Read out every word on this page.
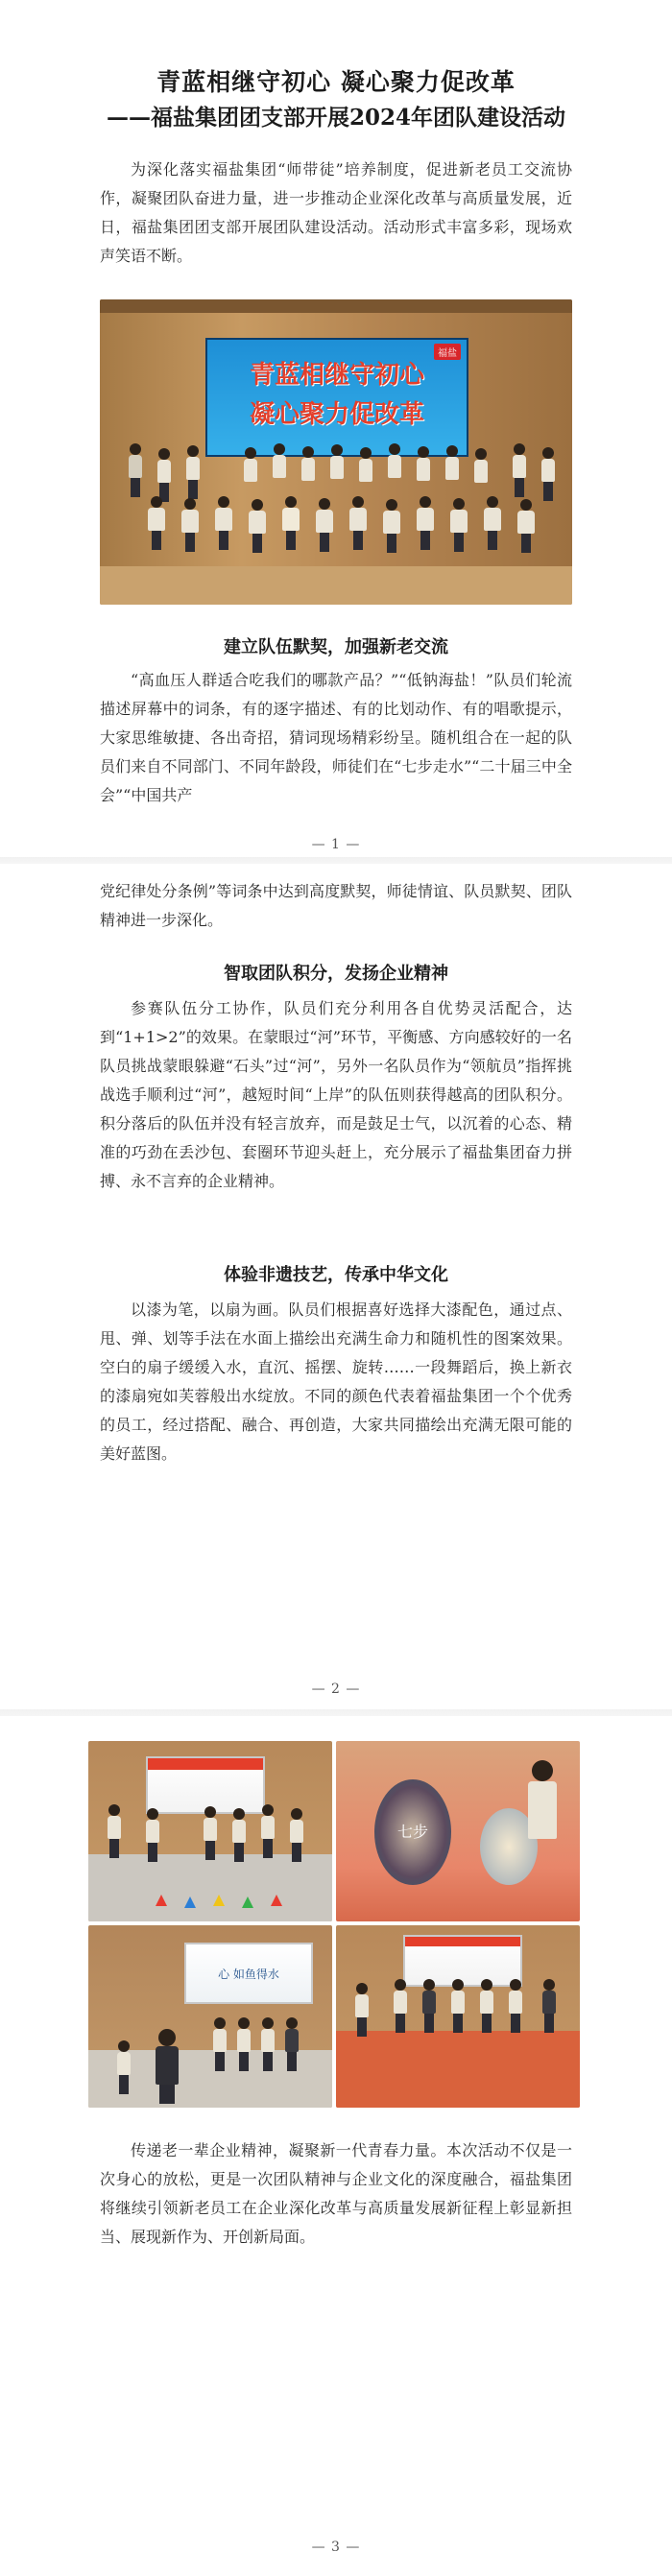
青蓝相继守初心 凝心聚力促改革
——福盐集团团支部开展2024年团队建设活动

为深化落实福盐集团“师带徒”培养制度，促进新老员工交流协作，凝聚团队奋进力量，进一步推动企业深化改革与高质量发展，近日，福盐集团团支部开展团队建设活动。活动形式丰富多彩，现场欢声笑语不断。

青蓝相继守初心
凝心聚力促改革
福盐
建立队伍默契，加强新老交流

“高血压人群适合吃我们的哪款产品？”“低钠海盐！”队员们轮流描述屏幕中的词条，有的逐字描述、有的比划动作、有的唱歌提示，大家思维敏捷、各出奇招，猜词现场精彩纷呈。随机组合在一起的队员们来自不同部门、不同年龄段，师徒们在“七步走水”“二十届三中全会”“中国共产

— 1 —

党纪律处分条例”等词条中达到高度默契，师徒情谊、队员默契、团队精神进一步深化。

智取团队积分，发扬企业精神

参赛队伍分工协作，队员们充分利用各自优势灵活配合，达到“1+1>2”的效果。在蒙眼过“河”环节，平衡感、方向感较好的一名队员挑战蒙眼躲避“石头”过“河”，另外一名队员作为“领航员”指挥挑战选手顺利过“河”，越短时间“上岸”的队伍则获得越高的团队积分。积分落后的队伍并没有轻言放弃，而是鼓足士气，以沉着的心态、精准的巧劲在丢沙包、套圈环节迎头赶上，充分展示了福盐集团奋力拼搏、永不言弃的企业精神。

体验非遗技艺，传承中华文化

以漆为笔，以扇为画。队员们根据喜好选择大漆配色，通过点、甩、弹、划等手法在水面上描绘出充满生命力和随机性的图案效果。空白的扇子缓缓入水，直沉、摇摆、旋转……一段舞蹈后，换上新衣的漆扇宛如芙蓉般出水绽放。不同的颜色代表着福盐集团一个个优秀的员工，经过搭配、融合、再创造，大家共同描绘出充满无限可能的美好蓝图。

— 2 —
七步
心 如鱼得水

传递老一辈企业精神，凝聚新一代青春力量。本次活动不仅是一次身心的放松，更是一次团队精神与企业文化的深度融合，福盐集团将继续引领新老员工在企业深化改革与高质量发展新征程上彰显新担当、展现新作为、开创新局面。

— 3 —
